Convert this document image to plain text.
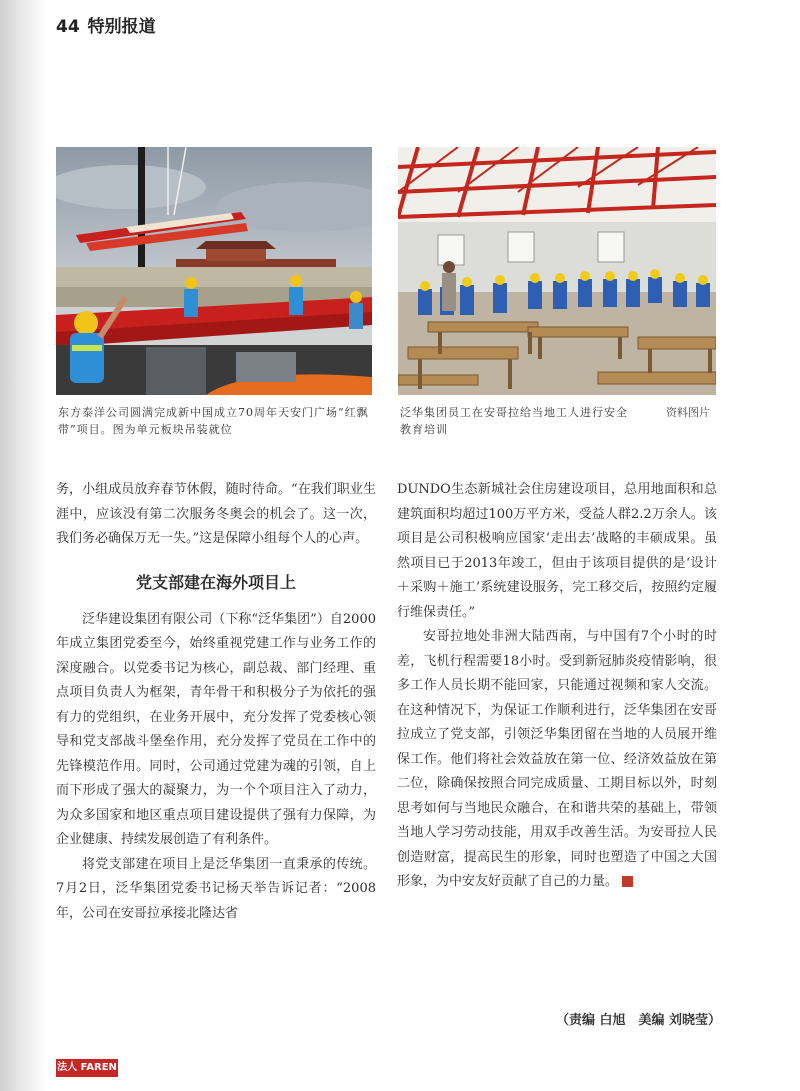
44 特别报道
东方泰洋公司圆满完成新中国成立70周年天安门广场“红飘带”项目。图为单元板块吊装就位
泛华集团员工在安哥拉给当地工人进行安全教育培训
资料图片

务，小组成员放弃春节休假，随时待命。“在我们职业生涯中，应该没有第二次服务冬奥会的机会了。这一次，我们务必确保万无一失。”这是保障小组每个人的心声。

党支部建在海外项目上

泛华建设集团有限公司（下称“泛华集团”）自2000年成立集团党委至今，始终重视党建工作与业务工作的深度融合。以党委书记为核心，副总裁、部门经理、重点项目负责人为框架，青年骨干和积极分子为依托的强有力的党组织，在业务开展中，充分发挥了党委核心领导和党支部战斗堡垒作用，充分发挥了党员在工作中的先锋模范作用。同时，公司通过党建为魂的引领，自上而下形成了强大的凝聚力，为一个个项目注入了动力，为众多国家和地区重点项目建设提供了强有力保障，为企业健康、持续发展创造了有利条件。

将党支部建在项目上是泛华集团一直秉承的传统。7月2日，泛华集团党委书记杨天举告诉记者：“2008年，公司在安哥拉承接北隆达省

DUNDO生态新城社会住房建设项目，总用地面积和总建筑面积均超过100万平方米，受益人群2.2万余人。该项目是公司积极响应国家‘走出去’战略的丰硕成果。虽然项目已于2013年竣工，但由于该项目提供的是‘设计＋采购＋施工’系统建设服务，完工移交后，按照约定履行维保责任。”

安哥拉地处非洲大陆西南，与中国有7个小时的时差，飞机行程需要18小时。受到新冠肺炎疫情影响，很多工作人员长期不能回家，只能通过视频和家人交流。在这种情况下，为保证工作顺利进行，泛华集团在安哥拉成立了党支部，引领泛华集团留在当地的人员展开维保工作。他们将社会效益放在第一位、经济效益放在第二位，除确保按照合同完成质量、工期目标以外，时刻思考如何与当地民众融合，在和谐共荣的基础上，带领当地人学习劳动技能，用双手改善生活。为安哥拉人民创造财富，提高民生的形象，同时也塑造了中国之大国形象，为中安友好贡献了自己的力量。

（责编 白旭　美编 刘晓莹）
法人 FAREN
